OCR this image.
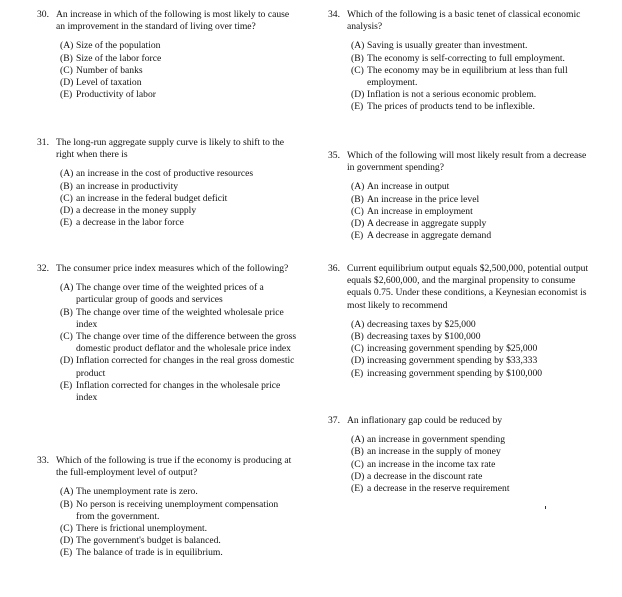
30. An increase in which of the following is most likely to cause an improvement in the standard of living over time?
(A) Size of the population
(B) Size of the labor force
(C) Number of banks
(D) Level of taxation
(E) Productivity of labor
31. The long-run aggregate supply curve is likely to shift to the right when there is
(A) an increase in the cost of productive resources
(B) an increase in productivity
(C) an increase in the federal budget deficit
(D) a decrease in the money supply
(E) a decrease in the labor force
32. The consumer price index measures which of the following?
(A) The change over time of the weighted prices of a particular group of goods and services
(B) The change over time of the weighted wholesale price index
(C) The change over time of the difference between the gross domestic product deflator and the wholesale price index
(D) Inflation corrected for changes in the real gross domestic product
(E) Inflation corrected for changes in the wholesale price index
33. Which of the following is true if the economy is producing at the full-employment level of output?
(A) The unemployment rate is zero.
(B) No person is receiving unemployment compensation from the government.
(C) There is frictional unemployment.
(D) The government's budget is balanced.
(E) The balance of trade is in equilibrium.
34. Which of the following is a basic tenet of classical economic analysis?
(A) Saving is usually greater than investment.
(B) The economy is self-correcting to full employment.
(C) The economy may be in equilibrium at less than full employment.
(D) Inflation is not a serious economic problem.
(E) The prices of products tend to be inflexible.
35. Which of the following will most likely result from a decrease in government spending?
(A) An increase in output
(B) An increase in the price level
(C) An increase in employment
(D) A decrease in aggregate supply
(E) A decrease in aggregate demand
36. Current equilibrium output equals $2,500,000, potential output equals $2,600,000, and the marginal propensity to consume equals 0.75. Under these conditions, a Keynesian economist is most likely to recommend
(A) decreasing taxes by $25,000
(B) decreasing taxes by $100,000
(C) increasing government spending by $25,000
(D) increasing government spending by $33,333
(E) increasing government spending by $100,000
37. An inflationary gap could be reduced by
(A) an increase in government spending
(B) an increase in the supply of money
(C) an increase in the income tax rate
(D) a decrease in the discount rate
(E) a decrease in the reserve requirement
